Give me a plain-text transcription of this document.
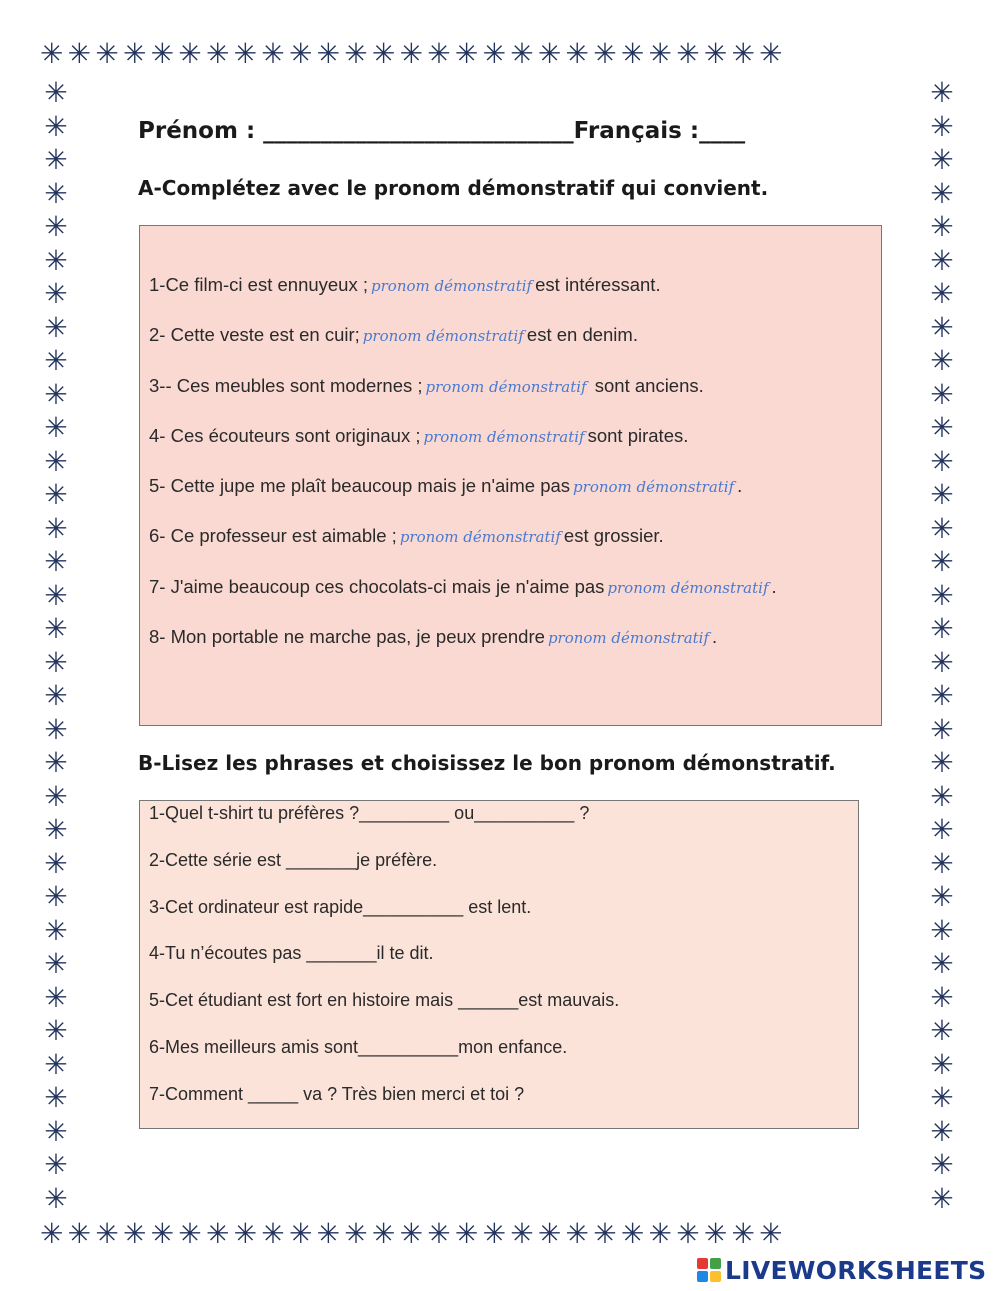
✳✳✳✳✳✳✳✳✳✳✳✳✳✳✳✳✳✳✳✳✳✳✳✳✳✳✳
✳✳✳✳✳✳✳✳✳✳✳✳✳✳✳✳✳✳✳✳✳✳✳✳✳✳✳
✳✳✳✳✳✳✳✳✳✳✳✳✳✳✳✳✳✳✳✳✳✳✳✳✳✳✳✳✳✳✳✳✳✳
✳✳✳✳✳✳✳✳✳✳✳✳✳✳✳✳✳✳✳✳✳✳✳✳✳✳✳✳✳✳✳✳✳✳
Prénom : ___________________________Français :____
A-Complétez avec le pronom démonstratif qui convient.
1-Ce film-ci est ennuyeux ; pronom démonstratif est intéressant.
2- Cette veste est en cuir; pronom démonstratif est en denim.
3-- Ces meubles sont modernes ; pronom démonstratif sont anciens.
4- Ces écouteurs sont originaux ; pronom démonstratif sont pirates.
5- Cette jupe me plaît beaucoup mais je n'aime pas pronom démonstratif .
6- Ce professeur est aimable ; pronom démonstratif est grossier.
7- J'aime beaucoup ces chocolats-ci mais je n'aime pas pronom démonstratif .
8- Mon portable ne marche pas, je peux prendre pronom démonstratif .
B-Lisez les phrases et choisissez le bon pronom démonstratif.
1-Quel t-shirt tu préfères ?_________ ou__________ ?
2-Cette série est _______je préfère.
3-Cet ordinateur est rapide__________ est lent.
4-Tu n’écoutes pas _______il te dit.
5-Cet étudiant est fort en histoire mais ______est mauvais.
6-Mes meilleurs amis sont__________mon enfance.
7-Comment _____ va ? Très bien merci et toi ?
LIVEWORKSHEETS
